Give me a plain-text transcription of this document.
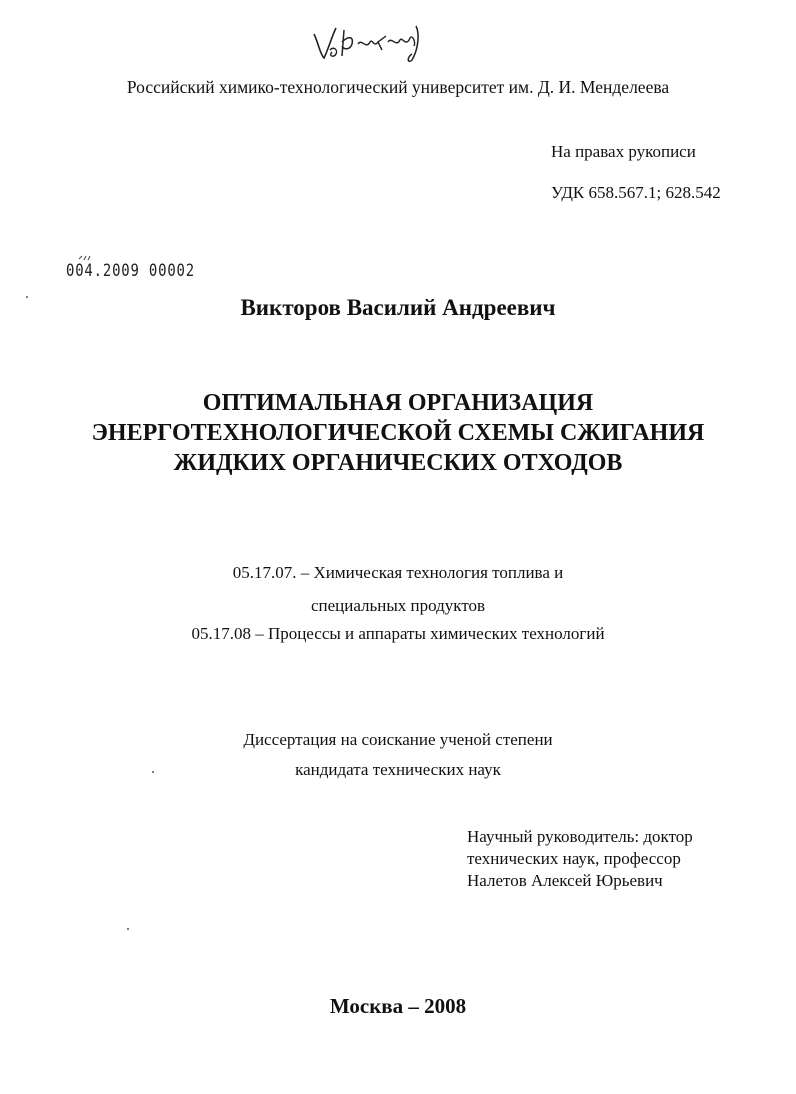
Российский химико-технологический университет им. Д. И. Менделеева
На правах рукописи
УДК 658.567.1; 628.542
004.2009 00002
Викторов Василий Андреевич
ОПТИМАЛЬНАЯ ОРГАНИЗАЦИЯ
ЭНЕРГОТЕХНОЛОГИЧЕСКОЙ СХЕМЫ СЖИГАНИЯ
ЖИДКИХ ОРГАНИЧЕСКИХ ОТХОДОВ
05.17.07. – Химическая технология топлива и
специальных продуктов
05.17.08 – Процессы и аппараты химических технологий
Диссертация на соискание ученой степени
кандидата технических наук
Научный руководитель: доктор
технических наук, профессор
Налетов Алексей Юрьевич
Москва – 2008
